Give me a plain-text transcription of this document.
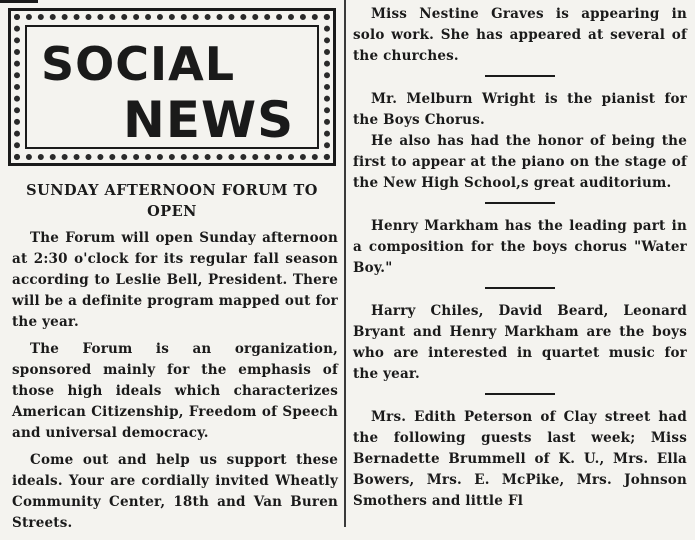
SOCIAL
NEWS
SUNDAY AFTERNOON FORUM TO OPEN

The Forum will open Sunday afternoon at 2:30 o'clock for its regular fall season according to Leslie Bell, President. There will be a definite program mapped out for the year.

The Forum is an organization, sponsored mainly for the emphasis of those high ideals which characterizes American Citizenship, Freedom of Speech and universal democracy.

Come out and help us support these ideals. Your are cordially invited Wheatly Community Center, 18th and Van Buren Streets.

Miss Nestine Graves is appearing in solo work. She has appeared at several of the churches.

Mr. Melburn Wright is the pianist for the Boys Chorus.

He also has had the honor of being the first to appear at the piano on the stage of the New High School,s great auditorium.

Henry Markham has the leading part in a composition for the boys chorus "Water Boy."

Harry Chiles, David Beard, Leonard Bryant and Henry Markham are the boys who are interested in quartet music for the year.

Mrs. Edith Peterson of Clay street had the following guests last week; Miss Bernadette Brummell of K. U., Mrs. Ella Bowers, Mrs. E. McPike, Mrs. Johnson Smothers and little Fl
